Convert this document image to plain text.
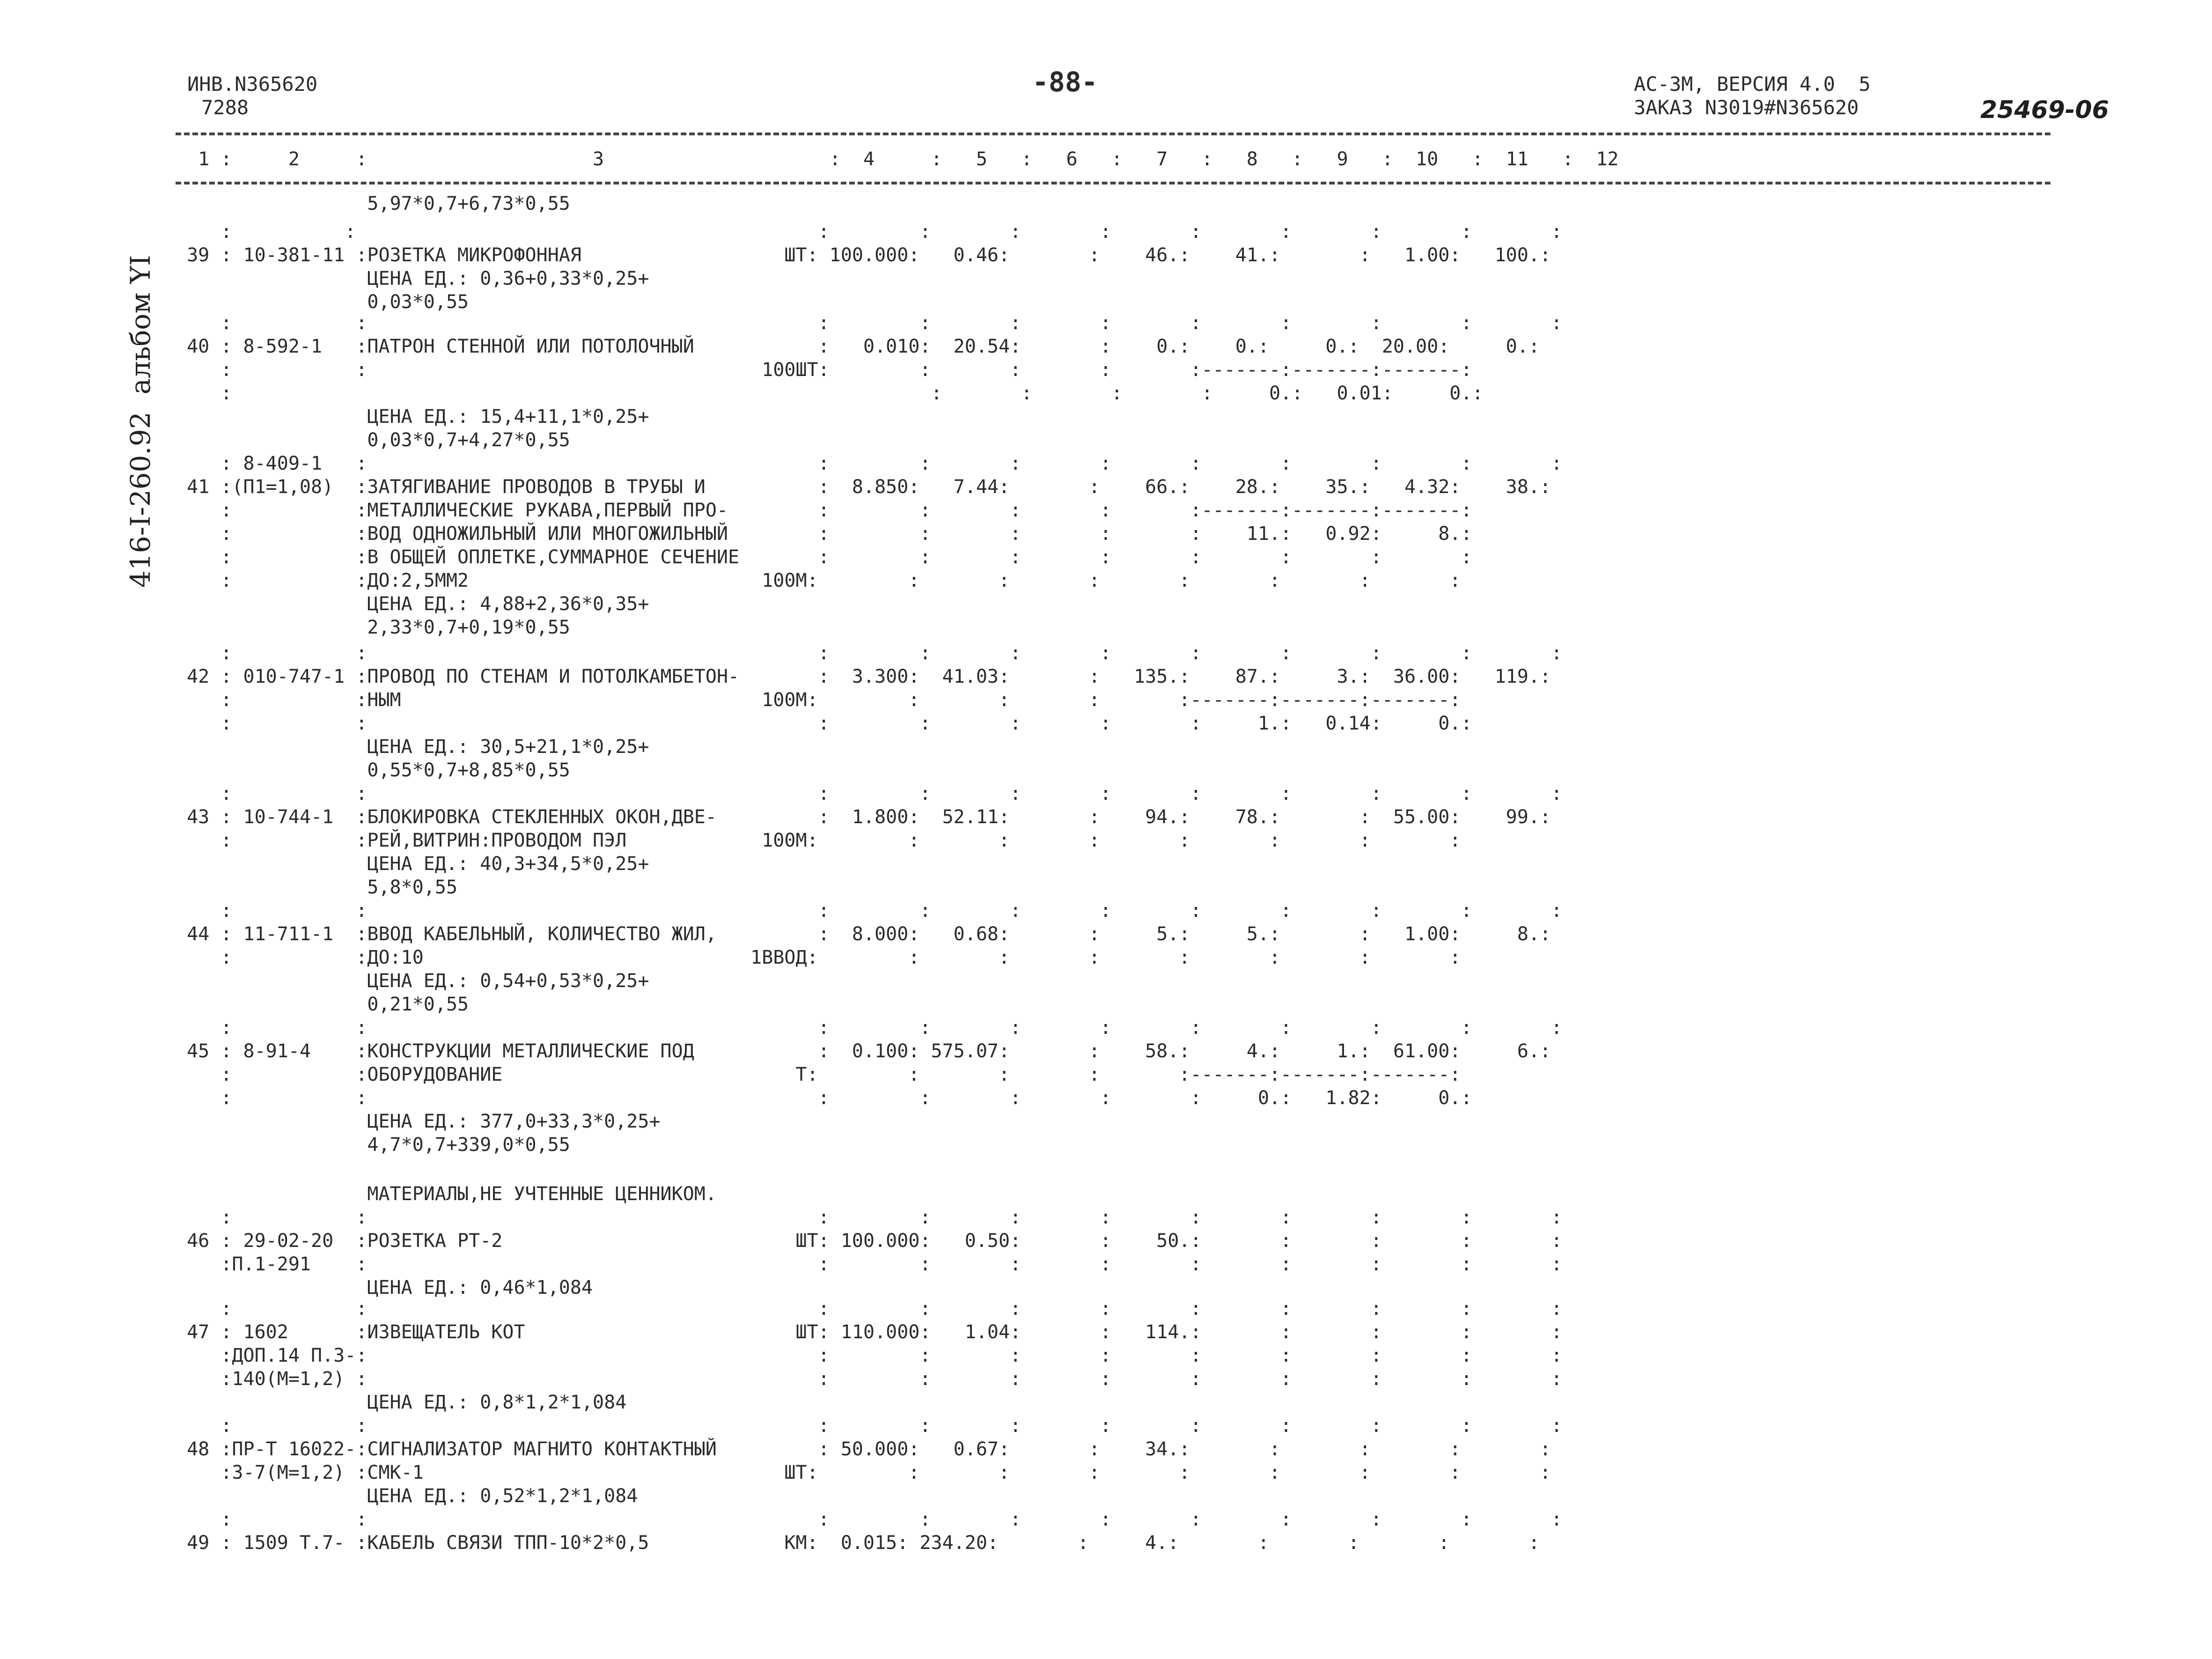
ИНВ.N365620
7288
-88-	АС-3М, ВЕРСИЯ 4.0  5
ЗАКАЗ N3019#N365620	25469-06
416-I-260.92  альбом YI
1 :     2     :                    3                    :  4     :   5   :   6   :   7   :   8   :   9   :  10   :  11   :  12
5,97*0,7+6,73*0,55
:          :                                         :        :       :       :       :       :       :       :       :
39 : 10-381-11 :РОЗЕТКА МИКРОФОННАЯ                  ШТ: 100.000:   0.46:       :    46.:    41.:       :   1.00:   100.:
ЦЕНА ЕД.: 0,36+0,33*0,25+
0,03*0,55
:           :                                        :        :       :       :       :       :       :       :       :
40 : 8-592-1   :ПАТРОН СТЕННОЙ ИЛИ ПОТОЛОЧНЫЙ           :   0.010:  20.54:       :    0.:    0.:     0.:  20.00:     0.:
:           :                                   100ШТ:        :       :       :       :-------:-------:-------:
:                                                              :       :       :       :     0.:   0.01:     0.:
ЦЕНА ЕД.: 15,4+11,1*0,25+
0,03*0,7+4,27*0,55
: 8-409-1   :                                        :        :       :       :       :       :       :       :       :
41 :(П1=1,08)  :ЗАТЯГИВАНИЕ ПРОВОДОВ В ТРУБЫ И          :  8.850:   7.44:       :    66.:    28.:    35.:   4.32:    38.:
:           :МЕТАЛЛИЧЕСКИЕ РУКАВА,ПЕРВЫЙ ПРО-        :        :       :       :       :-------:-------:-------:
:           :ВОД ОДНОЖИЛЬНЫЙ ИЛИ МНОГОЖИЛЬНЫЙ        :        :       :       :       :    11.:   0.92:     8.:
:           :В ОБЩЕЙ ОПЛЕТКЕ,СУММАРНОЕ СЕЧЕНИЕ       :        :       :       :       :       :       :       :
:           :ДО:2,5ММ2                          100М:        :       :       :       :       :       :       :
ЦЕНА ЕД.: 4,88+2,36*0,35+
2,33*0,7+0,19*0,55
:           :                                        :        :       :       :       :       :       :       :       :
42 : 010-747-1 :ПРОВОД ПО СТЕНАМ И ПОТОЛКАМБЕТОН-       :  3.300:  41.03:       :   135.:    87.:     3.:  36.00:   119.:
:           :НЫМ                                100М:        :       :       :       :-------:-------:-------:
:           :                                        :        :       :       :       :     1.:   0.14:     0.:
ЦЕНА ЕД.: 30,5+21,1*0,25+
0,55*0,7+8,85*0,55
:           :                                        :        :       :       :       :       :       :       :       :
43 : 10-744-1  :БЛОКИРОВКА СТЕКЛЕННЫХ ОКОН,ДВЕ-         :  1.800:  52.11:       :    94.:    78.:       :  55.00:    99.:
:           :РЕЙ,ВИТРИН:ПРОВОДОМ ПЭЛ            100М:        :       :       :       :       :       :       :
ЦЕНА ЕД.: 40,3+34,5*0,25+
5,8*0,55
:           :                                        :        :       :       :       :       :       :       :       :
44 : 11-711-1  :ВВОД КАБЕЛЬНЫЙ, КОЛИЧЕСТВО ЖИЛ,         :  8.000:   0.68:       :     5.:     5.:       :   1.00:     8.:
:           :ДО:10                             1ВВОД:        :       :       :       :       :       :       :
ЦЕНА ЕД.: 0,54+0,53*0,25+
0,21*0,55
:           :                                        :        :       :       :       :       :       :       :       :
45 : 8-91-4    :КОНСТРУКЦИИ МЕТАЛЛИЧЕСКИЕ ПОД           :  0.100: 575.07:       :    58.:     4.:     1.:  61.00:     6.:
:           :ОБОРУДОВАНИЕ                          Т:        :       :       :       :-------:-------:-------:
:           :                                        :        :       :       :       :     0.:   1.82:     0.:
ЦЕНА ЕД.: 377,0+33,3*0,25+
4,7*0,7+339,0*0,55
МАТЕРИАЛЫ,НЕ УЧТЕННЫЕ ЦЕННИКОМ.
:           :                                        :        :       :       :       :       :       :       :       :
46 : 29-02-20  :РОЗЕТКА РТ-2                          ШТ: 100.000:   0.50:       :    50.:       :       :       :       :
:П.1-291    :                                        :        :       :       :       :       :       :       :       :
ЦЕНА ЕД.: 0,46*1,084
:           :                                        :        :       :       :       :       :       :       :       :
47 : 1602      :ИЗВЕЩАТЕЛЬ КОТ                        ШТ: 110.000:   1.04:       :   114.:       :       :       :       :
:ДОП.14 П.3-:                                        :        :       :       :       :       :       :       :       :
:140(М=1,2) :                                        :        :       :       :       :       :       :       :       :
ЦЕНА ЕД.: 0,8*1,2*1,084
:           :                                        :        :       :       :       :       :       :       :       :
48 :ПР-Т 16022-:СИГНАЛИЗАТОР МАГНИТО КОНТАКТНЫЙ         : 50.000:   0.67:       :    34.:       :       :       :       :
:3-7(М=1,2) :СМК-1                                ШТ:        :       :       :       :       :       :       :       :
ЦЕНА ЕД.: 0,52*1,2*1,084
:           :                                        :        :       :       :       :       :       :       :       :
49 : 1509 Т.7- :КАБЕЛЬ СВЯЗИ ТПП-10*2*0,5            КМ:  0.015: 234.20:       :     4.:       :       :       :       :
